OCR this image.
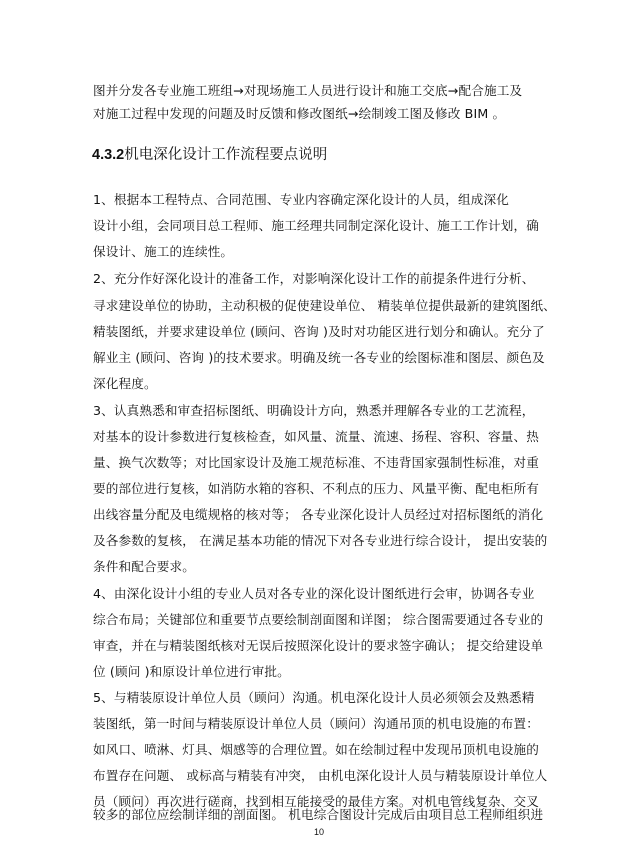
图并分发各专业施工班组→对现场施工人员进行设计和施工交底→配合施工及
对施工过程中发现的问题及时反馈和修改图纸→绘制竣工图及修改 BIM 。
4.3.2机电深化设计工作流程要点说明
1、根据本工程特点、合同范围、专业内容确定深化设计的人员，组成深化
设计小组，会同项目总工程师、施工经理共同制定深化设计、施工工作计划，确
保设计、施工的连续性。
2、充分作好深化设计的准备工作，对影响深化设计工作的前提条件进行分析、
寻求建设单位的协助，主动积极的促使建设单位、 精装单位提供最新的建筑图纸、
精装图纸，并要求建设单位 (顾问、咨询 )及时对功能区进行划分和确认。充分了
解业主 (顾问、咨询 )的技术要求。明确及统一各专业的绘图标准和图层、颜色及
深化程度。
3、认真熟悉和审查招标图纸、明确设计方向，熟悉并理解各专业的工艺流程，
对基本的设计参数进行复核检查，如风量、流量、流速、扬程、容积、容量、热
量、换气次数等；对比国家设计及施工规范标准、不违背国家强制性标准，对重
要的部位进行复核，如消防水箱的容积、不利点的压力、风量平衡、配电柜所有
出线容量分配及电缆规格的核对等； 各专业深化设计人员经过对招标图纸的消化
及各参数的复核， 在满足基本功能的情况下对各专业进行综合设计， 提出安装的
条件和配合要求。
4、由深化设计小组的专业人员对各专业的深化设计图纸进行会审，协调各专业
综合布局；关键部位和重要节点要绘制剖面图和详图； 综合图需要通过各专业的
审查，并在与精装图纸核对无误后按照深化设计的要求签字确认； 提交给建设单
位 (顾问 )和原设计单位进行审批。
5、与精装原设计单位人员（顾问）沟通。机电深化设计人员必须领会及熟悉精
装图纸，第一时间与精装原设计单位人员（顾问）沟通吊顶的机电设施的布置：
如风口、喷淋、灯具、烟感等的合理位置。如在绘制过程中发现吊顶机电设施的
布置存在问题、 或标高与精装有冲突， 由机电深化设计人员与精装原设计单位人
员（顾问）再次进行磋商，找到相互能接受的最佳方案。对机电管线复杂、交叉
较多的部位应绘制详细的剖面图。 机电综合图设计完成后由项目总工程师组织进
10
